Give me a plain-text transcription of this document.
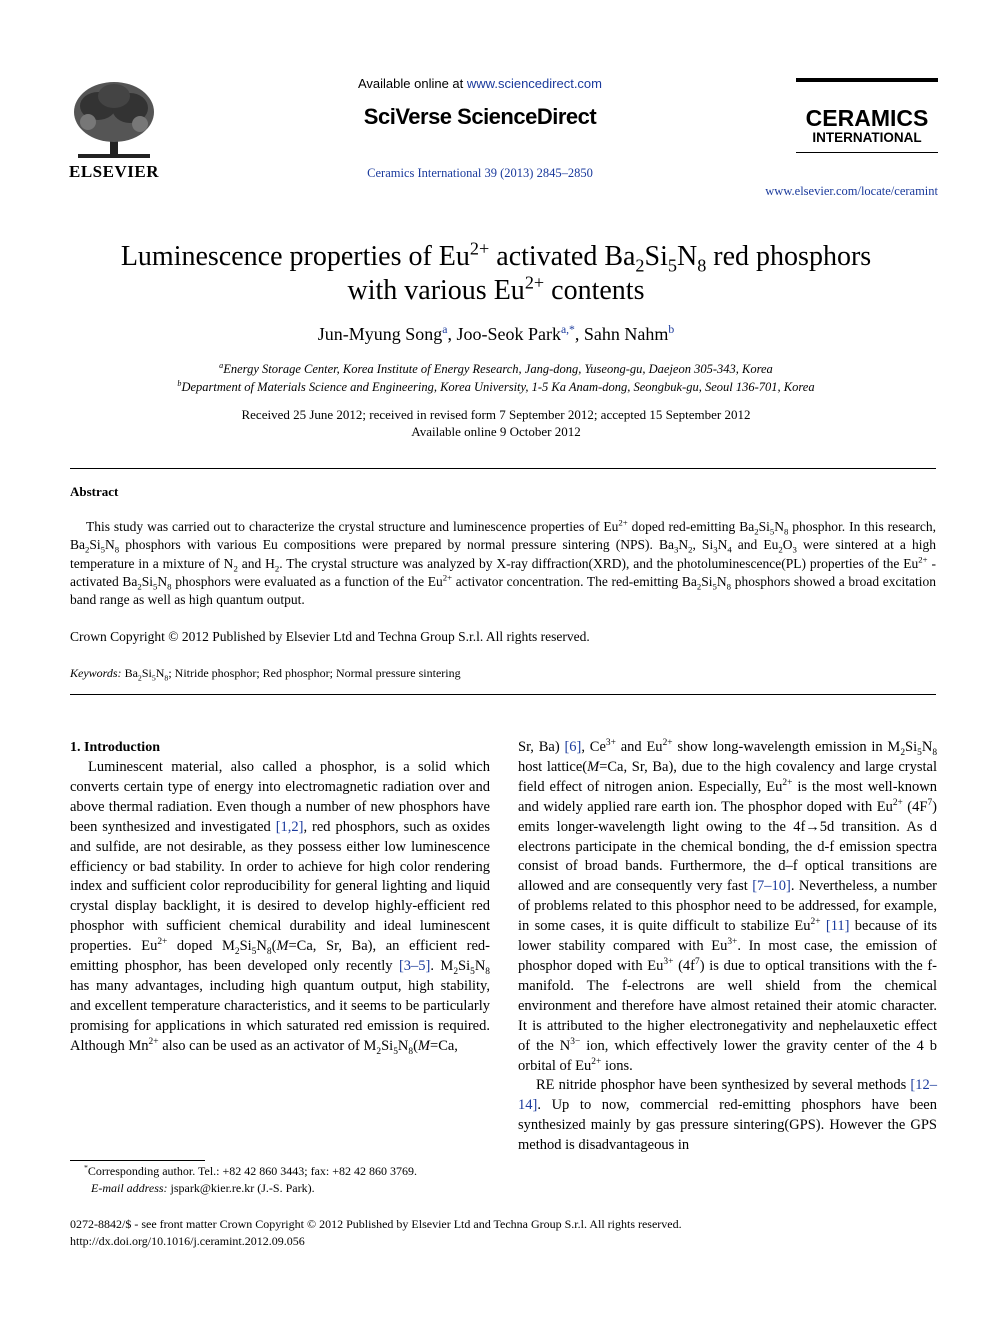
ELSEVIER
Available online at www.sciencedirect.com
SciVerse ScienceDirect
Ceramics International 39 (2013) 2845–2850
CERAMICS
INTERNATIONAL
www.elsevier.com/locate/ceramint
Luminescence properties of $Eu^{2+}$ activated $Ba_2Si_5N_8$ red phosphors
with various $Eu^{2+}$ contents
Jun-Myung Song$^a$, Joo-Seok Park$^{a,*}$, Sahn Nahm$^b$
$^a$Energy Storage Center, Korea Institute of Energy Research, Jang-dong, Yuseong-gu, Daejeon 305-343, Korea
$^b$Department of Materials Science and Engineering, Korea University, 1-5 Ka Anam-dong, Seongbuk-gu, Seoul 136-701, Korea
Received 25 June 2012; received in revised form 7 September 2012; accepted 15 September 2012
Available online 9 October 2012
Abstract
This study was carried out to characterize the crystal structure and luminescence properties of $Eu^{2+}$ doped red-emitting $Ba_2Si_5N_8$ phosphor. In this research, $Ba_2Si_5N_8$ phosphors with various Eu compositions were prepared by normal pressure sintering (NPS). $Ba_3N_2$, $Si_3N_4$ and $Eu_2O_3$ were sintered at a high temperature in a mixture of $N_2$ and $H_2$. The crystal structure was analyzed by X-ray diffraction(XRD), and the photoluminescence(PL) properties of the $Eu^{2+}$ - activated $Ba_2Si_5N_8$ phosphors were evaluated as a function of the $Eu^{2+}$ activator concentration. The red-emitting $Ba_2Si_5N_8$ phosphors showed a broad excitation band range as well as high quantum output.
Crown Copyright © 2012 Published by Elsevier Ltd and Techna Group S.r.l. All rights reserved.
Keywords: $Ba_2Si_5N_8$; Nitride phosphor; Red phosphor; Normal pressure sintering
1. Introduction
Luminescent material, also called a phosphor, is a solid which converts certain type of energy into electromagnetic radiation over and above thermal radiation. Even though a number of new phosphors have been synthesized and investigated [1,2], red phosphors, such as oxides and sulfide, are not desirable, as they possess either low luminescence efficiency or bad stability. In order to achieve for high color rendering index and sufficient color reproducibility for general lighting and liquid crystal display backlight, it is desired to develop highly-efficient red phosphor with sufficient chemical durability and ideal luminescent properties. $Eu^{2+}$ doped $M_2Si_5N_8(M=Ca$, Sr, Ba), an efficient red-emitting phosphor, has been developed only recently [3–5]. $M_2Si_5N_8$ has many advantages, including high quantum output, high stability, and excellent temperature characteristics, and it seems to be particularly promising for applications in which saturated red emission is required. Although $Mn^{2+}$ also can be used as an activator of $M_2Si_5N_8(M=Ca$,
Sr, Ba) [6], $Ce^{3+}$ and $Eu^{2+}$ show long-wavelength emission in $M_2Si_5N_8$ host lattice(M=Ca, Sr, Ba), due to the high covalency and large crystal field effect of nitrogen anion. Especially, $Eu^{2+}$ is the most well-known and widely applied rare earth ion. The phosphor doped with $Eu^{2+}$ $(4F^7)$ emits longer-wavelength light owing to the 4f→5d transition. As d electrons participate in the chemical bonding, the d-f emission spectra consist of broad bands. Furthermore, the d–f optical transitions are allowed and are consequently very fast [7–10]. Nevertheless, a number of problems related to this phosphor need to be addressed, for example, in some cases, it is quite difficult to stabilize $Eu^{2+}$ [11] because of its lower stability compared with $Eu^{3+}$. In most case, the emission of phosphor doped with $Eu^{3+}$ $(4f^7)$ is due to optical transitions with the f-manifold. The f-electrons are well shield from the chemical environment and therefore have almost retained their atomic character. It is attributed to the higher electronegativity and nephelauxetic effect of the $N^{3-}$ ion, which effectively lower the gravity center of the 4 b orbital of $Eu^{2+}$ ions.
RE nitride phosphor have been synthesized by several methods [12–14]. Up to now, commercial red-emitting phosphors have been synthesized mainly by gas pressure sintering(GPS). However the GPS method is disadvantageous in
*Corresponding author. Tel.: +82 42 860 3443; fax: +82 42 860 3769.
E-mail address: jspark@kier.re.kr (J.-S. Park).
0272-8842/$ - see front matter Crown Copyright © 2012 Published by Elsevier Ltd and Techna Group S.r.l. All rights reserved.
http://dx.doi.org/10.1016/j.ceramint.2012.09.056
